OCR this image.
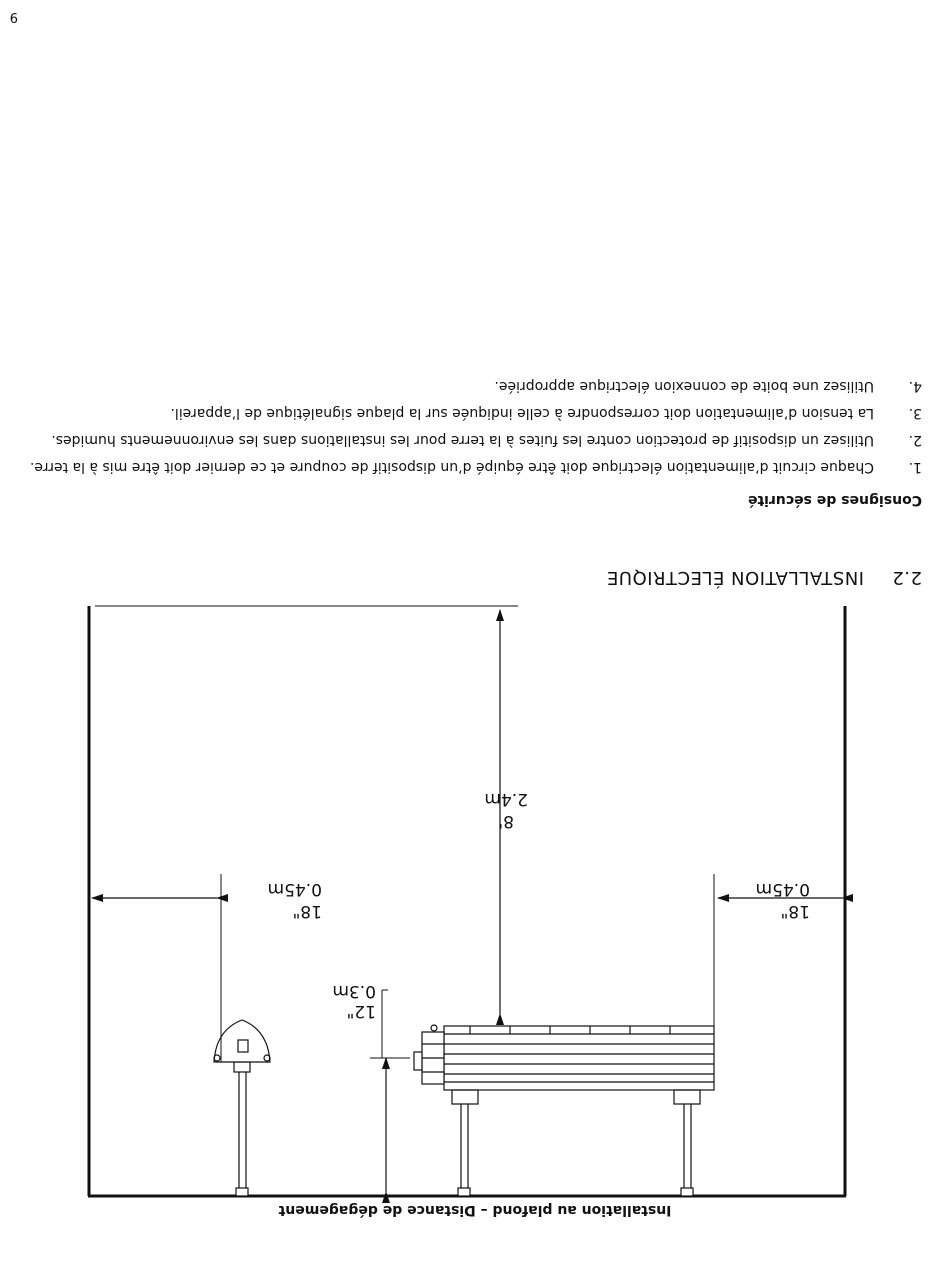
Installation au plafond – Distance de dégagement
12"
0.3m
8'
2.4m
18"
0.45m
18"
0.45m
2.2INSTALLATION ÉLECTRIQUE
Consignes de sécurité
1.
Chaque circuit d’alimentation électrique doit être équipé d’un dispositif de coupure et ce dernier doit être mis à la terre.
2.
Utilisez un dispositif de protection contre les fuites à la terre pour les installations dans les environnements humides.
3.
La tension d’alimentation doit correspondre à celle indiquée sur la plaque signalétique de l’appareil.
4.
Utilisez une boite de connexion électrique appropriée.
9
